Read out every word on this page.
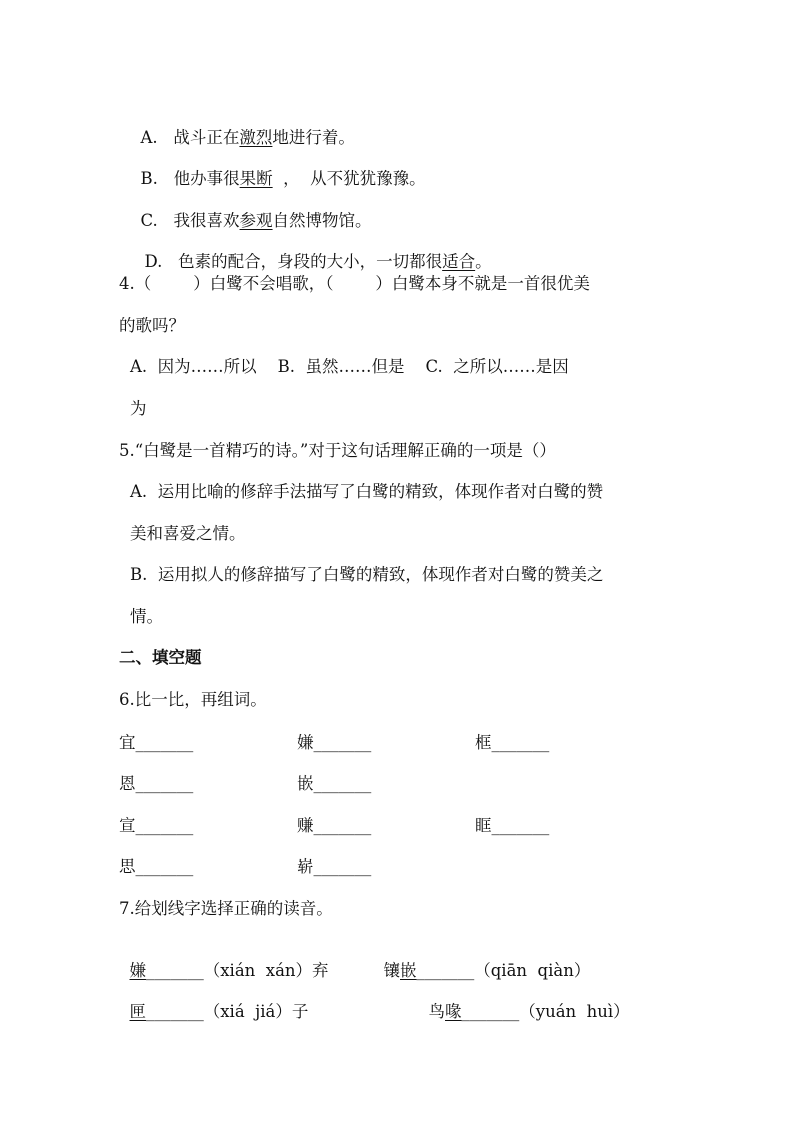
A. 战斗正在激烈地进行着。

B. 他办事很果断  ，  从不犹犹豫豫。

C. 我很喜欢参观自然博物馆。

D. 色素的配合，身段的大小，一切都很适合。

4.（        ）白鹭不会唱歌，（        ）白鹭本身不就是一首很优美
的歌吗？
A.  因为……所以    B.  虽然……但是    C.  之所以……是因
为
5.“白鹭是一首精巧的诗。”对于这句话理解正确的一项是（）
A.  运用比喻的修辞手法描写了白鹭的精致，体现作者对白鹭的赞
美和喜爱之情。
B.  运用拟人的修辞描写了白鹭的精致，体现作者对白鹭的赞美之
情。
二、填空题
6.比一比，再组词。
宜_______	嫌_______	框_______
恩_______	嵌_______
宣_______	赚_______	眶_______
思_______	崭_______
7.给划线字选择正确的读音。

嫌_______（xián  xán）弃	镶嵌_______（qiān  qiàn）

匣_______（xiá  jiá）子	鸟喙_______（yuán  huì）
